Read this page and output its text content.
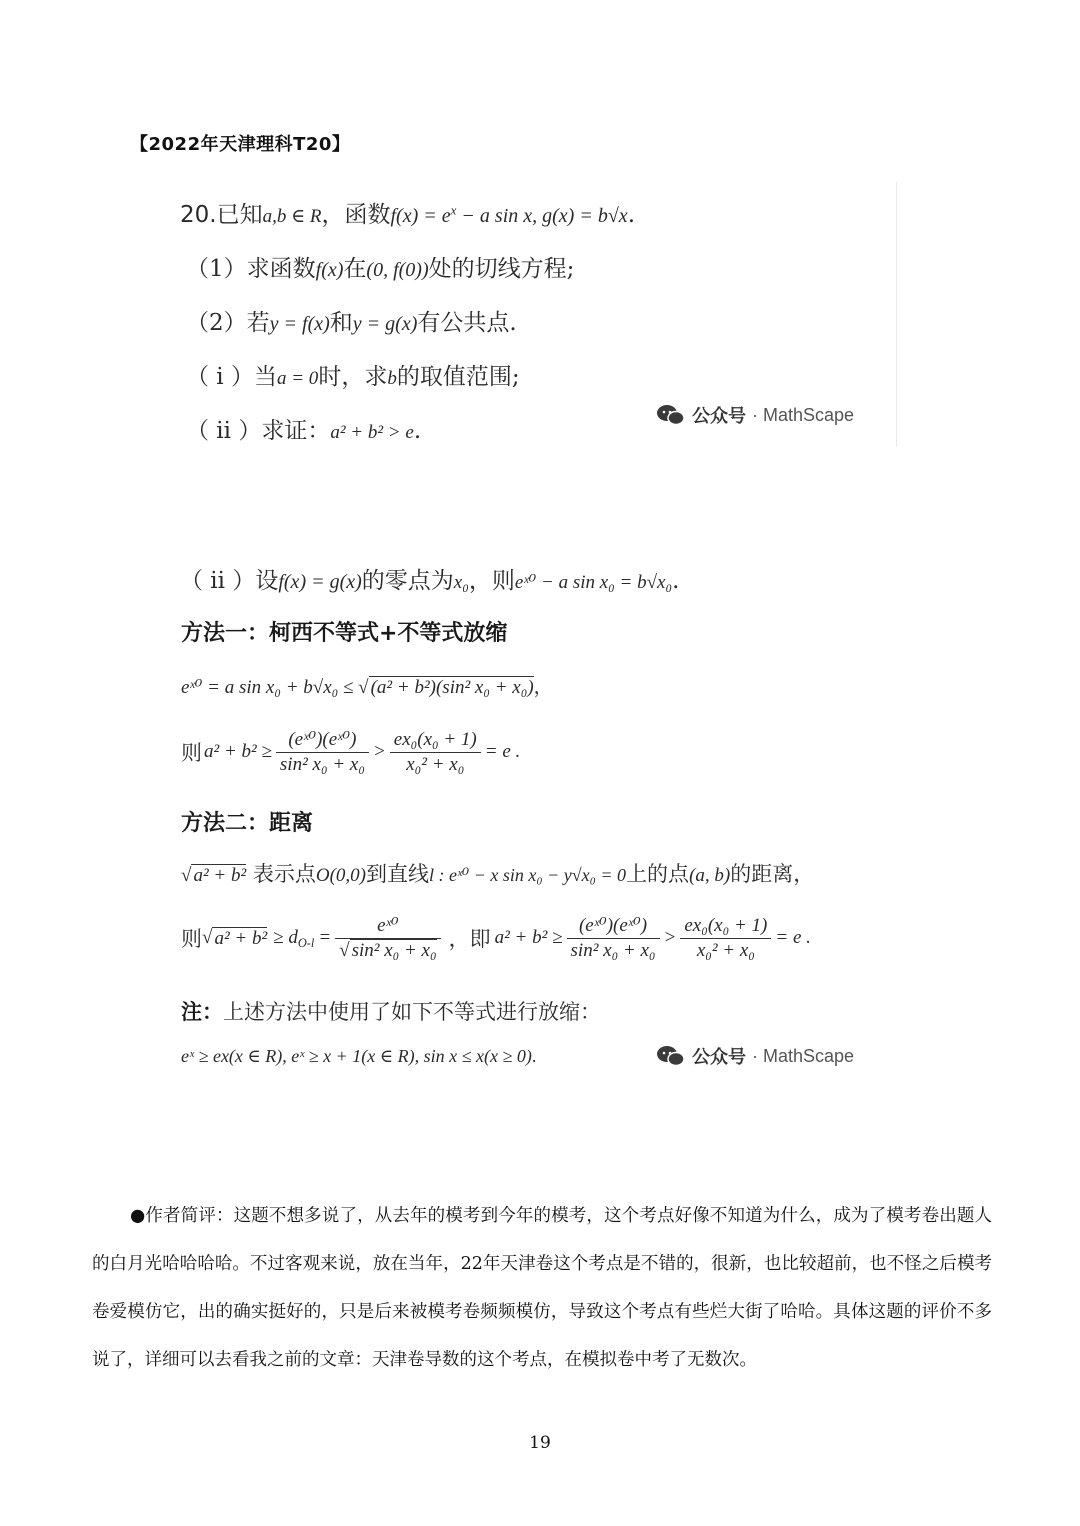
【2022年天津理科T20】
20.已知a,b ∈ R，函数$f(x) = e^x - a$ sin x, g(x) = b√x.
（1）求函数f(x)在(0, f(0))处的切线方程;
（2）若y = f(x)和y = g(x)有公共点.
（ i ）当a = 0时，求b的取值范围;
（ ii ）求证：a² + b² > e.
公众号 · MathScape
（ ii ）设f(x) = g(x)的零点为x₀，则eˣ⁰ − a sin x₀ = b√x₀.
方法一：柯西不等式+不等式放缩
eˣ⁰ = a sin x₀ + b√x₀ ≤ √ (a² + b²)(sin² x₀ + x₀)，
则 $a^2 + b^2 \ge \frac{\text{(eˣ⁰)(eˣ⁰)}}{\text{sin² x₀ + x₀}} > \frac{\text{ex₀(x₀ + 1)}}{\text{x₀² + x₀}} = e$ .
方法二：距离
√ a² + b² 表示点O(0,0)到直线l : eˣ⁰ − x sin x₀ − y√x₀ = 0上的点(a, b)的距离，
则 √ $a^2 + b^2 \ge d_{O-l} = \frac{\text{eˣ⁰}}{\text{√ sin² x₀ + x₀}}$ ，即 $a^2 + b^2 \ge \frac{\text{(eˣ⁰)(eˣ⁰)}}{\text{sin² x₀ + x₀}} > \frac{\text{ex₀(x₀ + 1)}}{\text{x₀² + x₀}} = e$ .
注：上述方法中使用了如下不等式进行放缩：
eˣ ≥ ex(x ∈ R), eˣ ≥ x + 1(x ∈ R), sin x ≤ x(x ≥ 0).	公众号 · MathScape
●作者简评：这题不想多说了，从去年的模考到今年的模考，这个考点好像不知道为什么，成为了模考卷出题人的白月光哈哈哈哈。不过客观来说，放在当年，22年天津卷这个考点是不错的，很新，也比较超前，也不怪之后模考卷爱模仿它，出的确实挺好的，只是后来被模考卷频频模仿，导致这个考点有些烂大街了哈哈。具体这题的评价不多说了，详细可以去看我之前的文章：天津卷导数的这个考点，在模拟卷中考了无数次。
19
